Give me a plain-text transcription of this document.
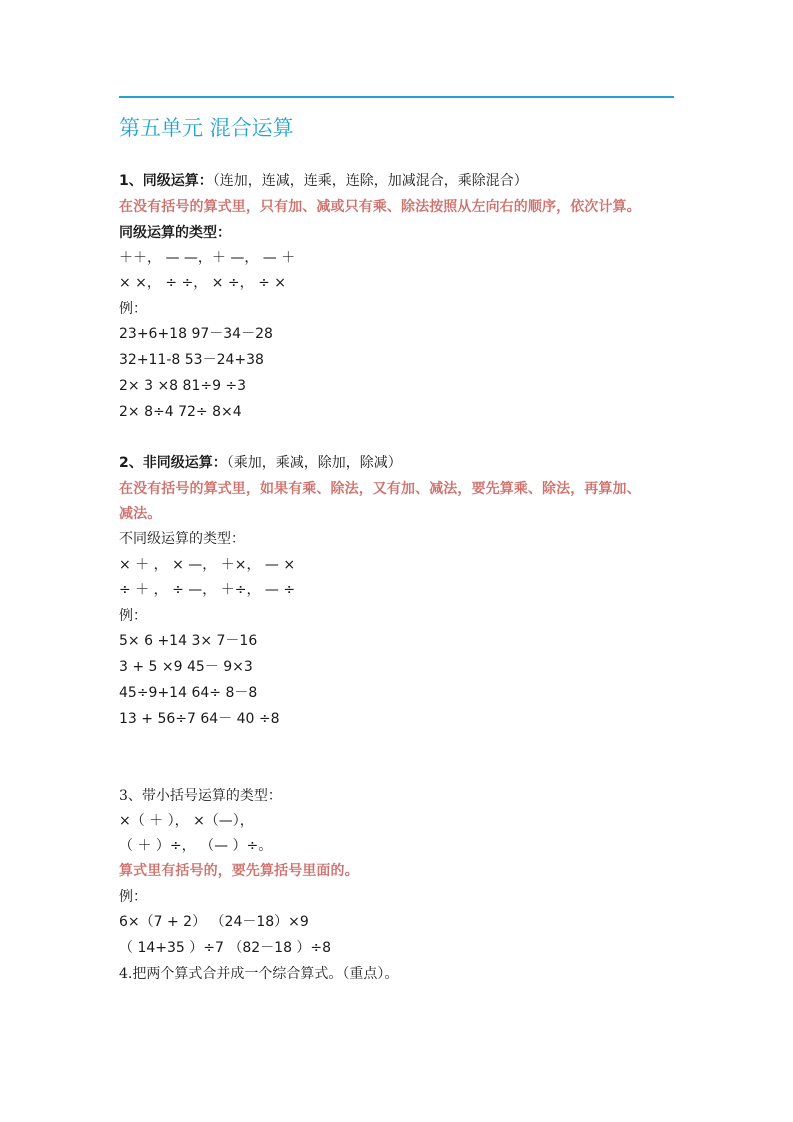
第五单元 混合运算
1、同级运算：（连加，连减，连乘，连除，加减混合，乘除混合）
在没有括号的算式里，只有加、减或只有乘、除法按照从左向右的顺序，依次计算。
同级运算的类型：
＋＋， — —，＋ —， — ＋
× ×， ÷ ÷， × ÷， ÷ ×
例：
23+6+18 97－34－28
32+11-8 53－24+38
2× 3 ×8 81÷9 ÷3
2× 8÷4 72÷ 8×4
2、非同级运算：（乘加，乘减，除加，除减）
在没有括号的算式里，如果有乘、除法，又有加、减法，要先算乘、除法，再算加、
减法。
不同级运算的类型：
× ＋ ， × —， ＋×， — ×
÷ ＋ ， ÷ —， ＋÷， — ÷
例：
5× 6 +14 3× 7－16
3 + 5 ×9 45－ 9×3
45÷9+14 64÷ 8－8
13 + 56÷7 64－ 40 ÷8
3、带小括号运算的类型：
×（ ＋ ）， ×（—），
（ ＋ ）÷， （— ）÷。
算式里有括号的，要先算括号里面的。
例：
6×（7 + 2） （24－18）×9
（ 14+35 ）÷7 （82－18 ）÷8
4.把两个算式合并成一个综合算式。（重点）。
